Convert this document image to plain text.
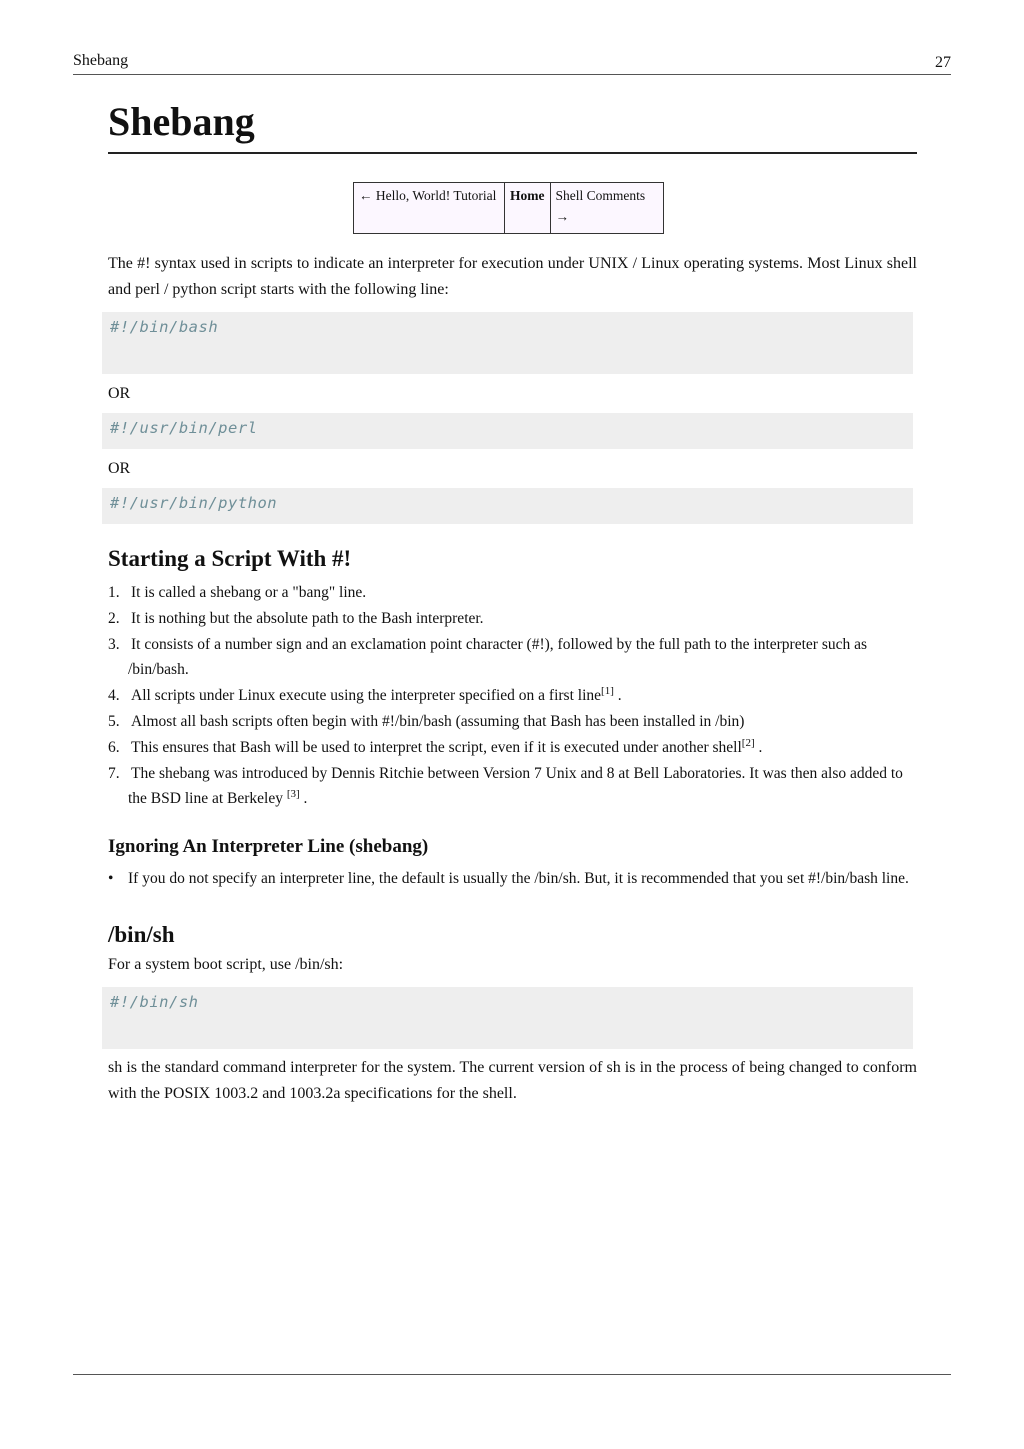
Shebang	27
Shebang
← Hello, World! Tutorial	Home	Shell Comments →

The #! syntax used in scripts to indicate an interpreter for execution under UNIX / Linux operating systems. Most Linux shell and perl / python script starts with the following line:

#!/bin/bash
OR
#!/usr/bin/perl
OR
#!/usr/bin/python
Starting a Script With #!
1. It is called a shebang or a "bang" line.
2. It is nothing but the absolute path to the Bash interpreter.
3. It consists of a number sign and an exclamation point character (#!), followed by the full path to the interpreter such as /bin/bash.
4. All scripts under Linux execute using the interpreter specified on a first line[1] .
5. Almost all bash scripts often begin with #!/bin/bash (assuming that Bash has been installed in /bin)
6. This ensures that Bash will be used to interpret the script, even if it is executed under another shell[2] .
7. The shebang was introduced by Dennis Ritchie between Version 7 Unix and 8 at Bell Laboratories. It was then also added to the BSD line at Berkeley [3] .
Ignoring An Interpreter Line (shebang)
• If you do not specify an interpreter line, the default is usually the /bin/sh. But, it is recommended that you set #!/bin/bash line.
/bin/sh

For a system boot script, use /bin/sh:

#!/bin/sh

sh is the standard command interpreter for the system. The current version of sh is in the process of being changed to conform with the POSIX 1003.2 and 1003.2a specifications for the shell.
